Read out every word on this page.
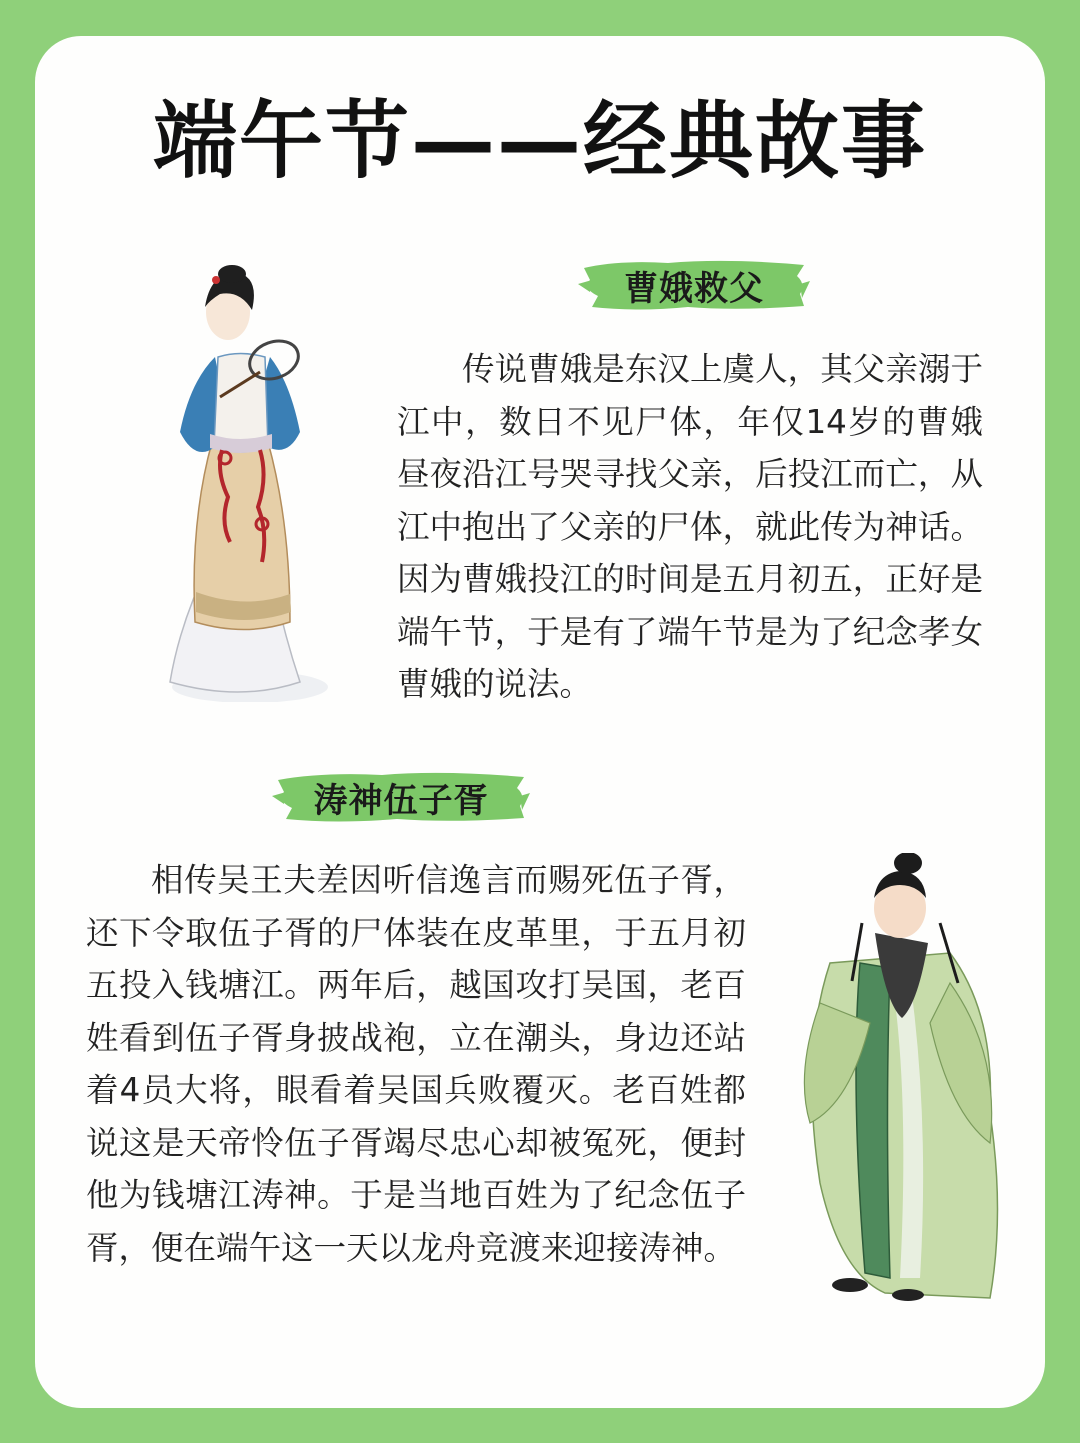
端午节——经典故事
曹娥救父

传说曹娥是东汉上虞人，其父亲溺于江中，数日不见尸体，年仅14岁的曹娥昼夜沿江号哭寻找父亲，后投江而亡，从江中抱出了父亲的尸体，就此传为神话。因为曹娥投江的时间是五月初五，正好是端午节，于是有了端午节是为了纪念孝女曹娥的说法。

涛神伍子胥

相传吴王夫差因听信逸言而赐死伍子胥，还下令取伍子胥的尸体装在皮革里，于五月初五投入钱塘江。两年后，越国攻打吴国，老百姓看到伍子胥身披战袍，立在潮头，身边还站着4员大将，眼看着吴国兵败覆灭。老百姓都说这是天帝怜伍子胥竭尽忠心却被冤死，便封他为钱塘江涛神。于是当地百姓为了纪念伍子胥，便在端午这一天以龙舟竞渡来迎接涛神。
